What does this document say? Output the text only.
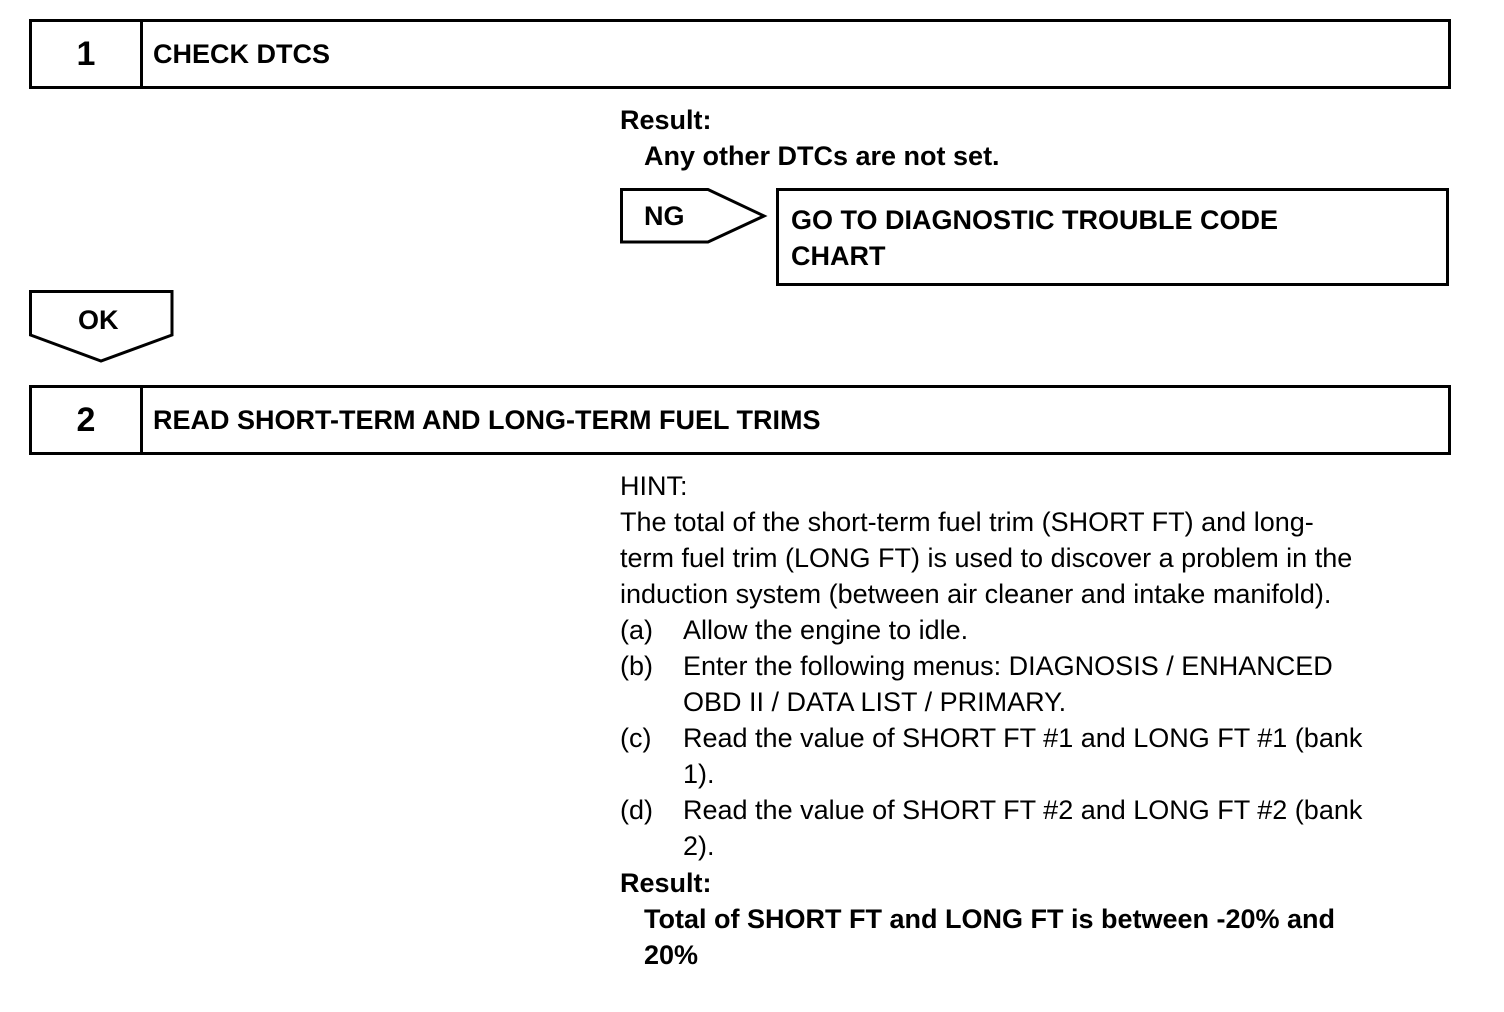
1	CHECK DTCS
Result:
Any other DTCs are not set.
NG	GO TO DIAGNOSTIC TROUBLE CODE
CHART
OK
2	READ SHORT-TERM AND LONG-TERM FUEL TRIMS
HINT:
The total of the short-term fuel trim (SHORT FT) and long-
term fuel trim (LONG FT) is used to discover a problem in the
induction system (between air cleaner and intake manifold).
(a)	Allow the engine to idle.
(b)	Enter the following menus: DIAGNOSIS / ENHANCED
OBD II / DATA LIST / PRIMARY.
(c)	Read the value of SHORT FT #1 and LONG FT #1 (bank
1).
(d)	Read the value of SHORT FT #2 and LONG FT #2 (bank
2).
Result:
Total of SHORT FT and LONG FT is between -20% and
20%
